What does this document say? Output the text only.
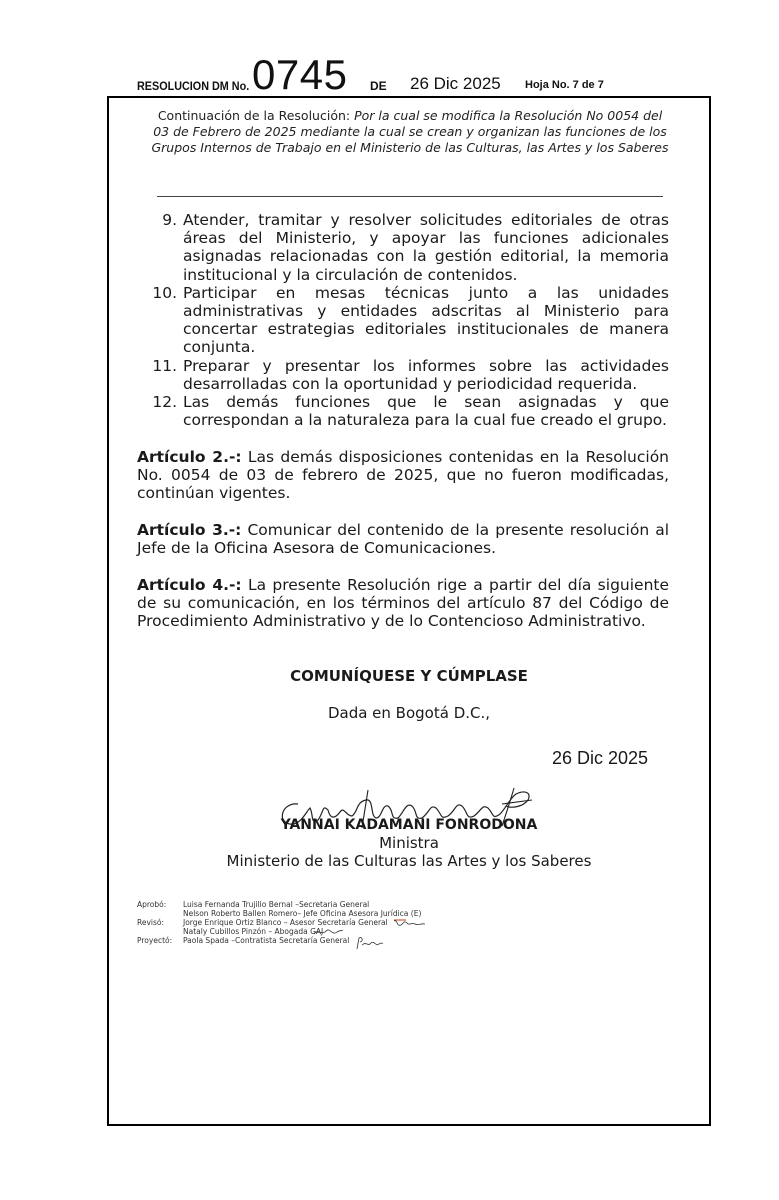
RESOLUCION DM No. 0745 DE 26 Dic 2025 Hoja No. 7 de 7
Continuación de la Resolución: Por la cual se modifica la Resolución No 0054 del 03 de Febrero de 2025 mediante la cual se crean y organizan las funciones de los Grupos Internos de Trabajo en el Ministerio de las Culturas, las Artes y los Saberes
9. Atender, tramitar y resolver solicitudes editoriales de otras áreas del Ministerio, y apoyar las funciones adicionales asignadas relacionadas con la gestión editorial, la memoria institucional y la circulación de contenidos.
10. Participar en mesas técnicas junto a las unidades administrativas y entidades adscritas al Ministerio para concertar estrategias editoriales institucionales de manera conjunta.
11. Preparar y presentar los informes sobre las actividades desarrolladas con la oportunidad y periodicidad requerida.
12. Las demás funciones que le sean asignadas y que correspondan a la naturaleza para la cual fue creado el grupo.

Artículo 2.-: Las demás disposiciones contenidas en la Resolución No. 0054 de 03 de febrero de 2025, que no fueron modificadas, continúan vigentes.

Artículo 3.-: Comunicar del contenido de la presente resolución al Jefe de la Oficina Asesora de Comunicaciones.

Artículo 4.-: La presente Resolución rige a partir del día siguiente de su comunicación, en los términos del artículo 87 del Código de Procedimiento Administrativo y de lo Contencioso Administrativo.

COMUNÍQUESE Y CÚMPLASE
Dada en Bogotá D.C.,
26 Dic 2025
YANNAI KADAMANI FONRODONA
Ministra
Ministerio de las Culturas las Artes y los Saberes
Aprobó: Luisa Fernanda Trujillo Bernal –Secretaria General
Nelson Roberto Ballen Romero– Jefe Oficina Asesora Jurídica (E)
Revisó:	Jorge Enrique Ortiz Blanco – Asesor Secretaría General
Nataly Cubillos Pinzón – Abogada GAJ
Proyectó: Paola Spada –Contratista Secretaría General
